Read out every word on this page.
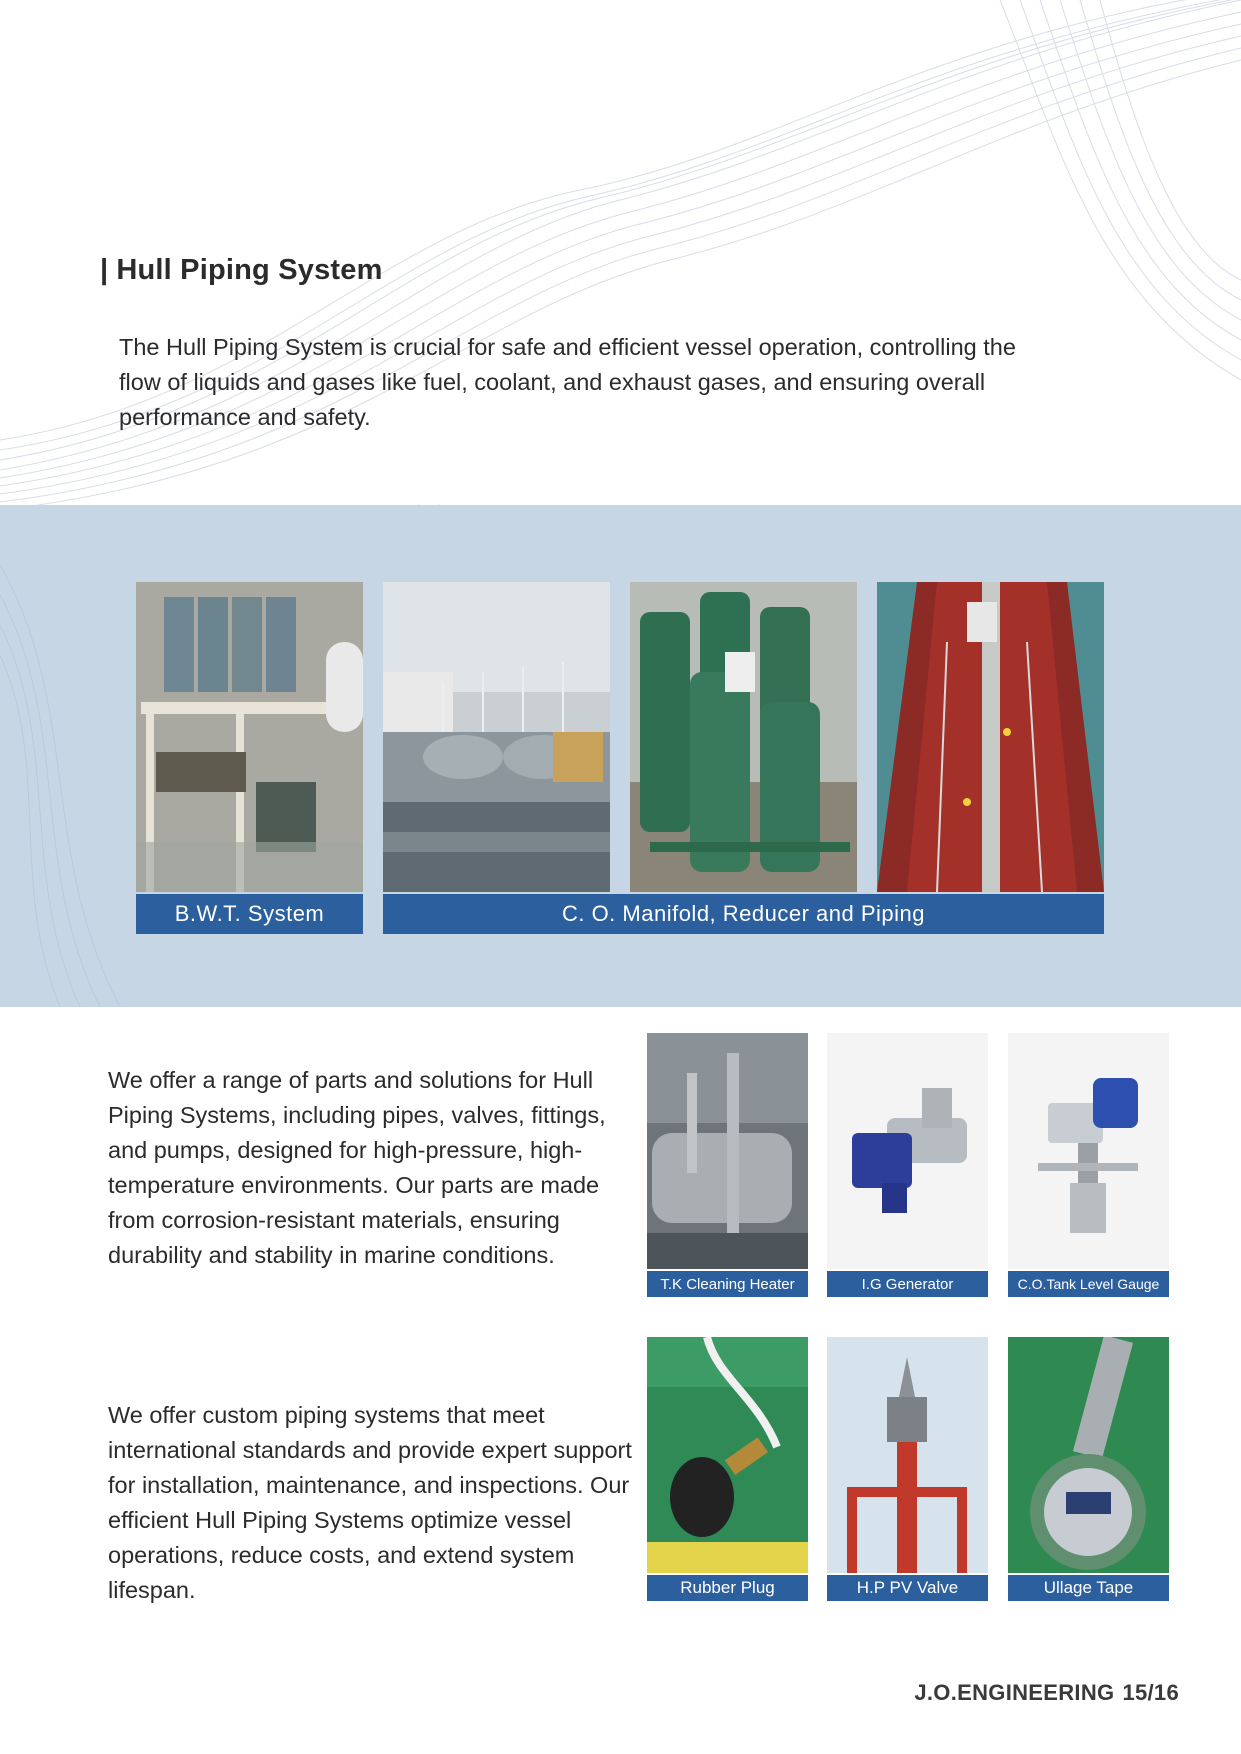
| Hull Piping System

The Hull Piping System is crucial for safe and efficient vessel operation, controlling the flow of liquids and gases like fuel, coolant, and exhaust gases, and ensuring overall performance and safety.

B.W.T. System	C. O. Manifold, Reducer and Piping

We offer a range of parts and solutions for Hull Piping Systems, including pipes, valves, fittings, and pumps, designed for high-pressure, high-temperature environments. Our parts are made from corrosion-resistant materials, ensuring durability and stability in marine conditions.

We offer custom piping systems that meet international standards and provide expert support for installation, maintenance, and inspections. Our efficient Hull Piping Systems optimize vessel operations, reduce costs, and extend system lifespan.

T.K Cleaning Heater	I.G Generator	C.O.Tank Level Gauge
Rubber Plug	H.P PV Valve	Ullage Tape
J.O.ENGINEERING 15/16
